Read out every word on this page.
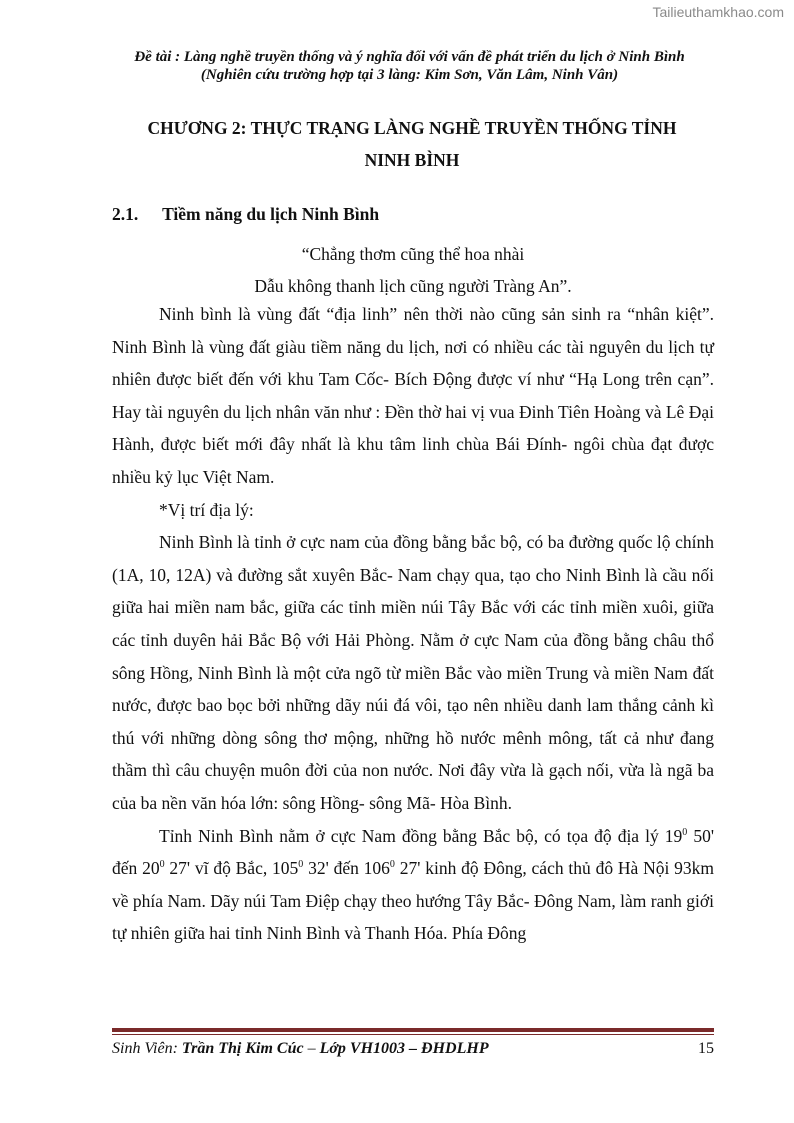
Tailieuthamkhao.com
Đề tài : Làng nghề truyền thống và ý nghĩa đối với vấn đề phát triển du lịch ở Ninh Bình
(Nghiên cứu trường hợp tại 3 làng: Kim Sơn, Văn Lâm, Ninh Vân)
CHƯƠNG 2: THỰC TRẠNG LÀNG NGHỀ TRUYỀN THỐNG TỈNH
NINH BÌNH
2.1. Tiềm năng du lịch Ninh Bình
“Chẳng thơm cũng thể hoa nhài
Dẫu không thanh lịch cũng người Tràng An”.

Ninh bình là vùng đất “địa linh” nên thời nào cũng sản sinh ra “nhân kiệt”. Ninh Bình là vùng đất giàu tiềm năng du lịch, nơi có nhiều các tài nguyên du lịch tự nhiên được biết đến với khu Tam Cốc- Bích Động được ví như “Hạ Long trên cạn”. Hay tài nguyên du lịch nhân văn như : Đền thờ hai vị vua Đinh Tiên Hoàng và Lê Đại Hành, được biết mới đây nhất là khu tâm linh chùa Bái Đính- ngôi chùa đạt được nhiều kỷ lục Việt Nam.

*Vị trí địa lý:

Ninh Bình là tỉnh ở cực nam của đồng bằng bắc bộ, có ba đường quốc lộ chính (1A, 10, 12A) và đường sắt xuyên Bắc- Nam chạy qua, tạo cho Ninh Bình là cầu nối giữa hai miền nam bắc, giữa các tỉnh miền núi Tây Bắc với các tỉnh miền xuôi, giữa các tỉnh duyên hải Bắc Bộ với Hải Phòng. Nằm ở cực Nam của đồng bằng châu thổ sông Hồng, Ninh Bình là một cửa ngõ từ miền Bắc vào miền Trung và miền Nam đất nước, được bao bọc bởi những dãy núi đá vôi, tạo nên nhiều danh lam thắng cảnh kì thú với những dòng sông thơ mộng, những hồ nước mênh mông, tất cả như đang thầm thì câu chuyện muôn đời của non nước. Nơi đây vừa là gạch nối, vừa là ngã ba của ba nền văn hóa lớn: sông Hồng- sông Mã- Hòa Bình.

Tỉnh Ninh Bình nằm ở cực Nam đồng bằng Bắc bộ, có tọa độ địa lý $19^0$ 50' đến $20^0$ 27' vĩ độ Bắc, $105^0$ 32' đến $106^0$ 27' kinh độ Đông, cách thủ đô Hà Nội 93km về phía Nam. Dãy núi Tam Điệp chạy theo hướng Tây Bắc- Đông Nam, làm ranh giới tự nhiên giữa hai tỉnh Ninh Bình và Thanh Hóa. Phía Đông

Sinh Viên: Trần Thị Kim Cúc – Lớp VH1003 – ĐHDLHP	15
